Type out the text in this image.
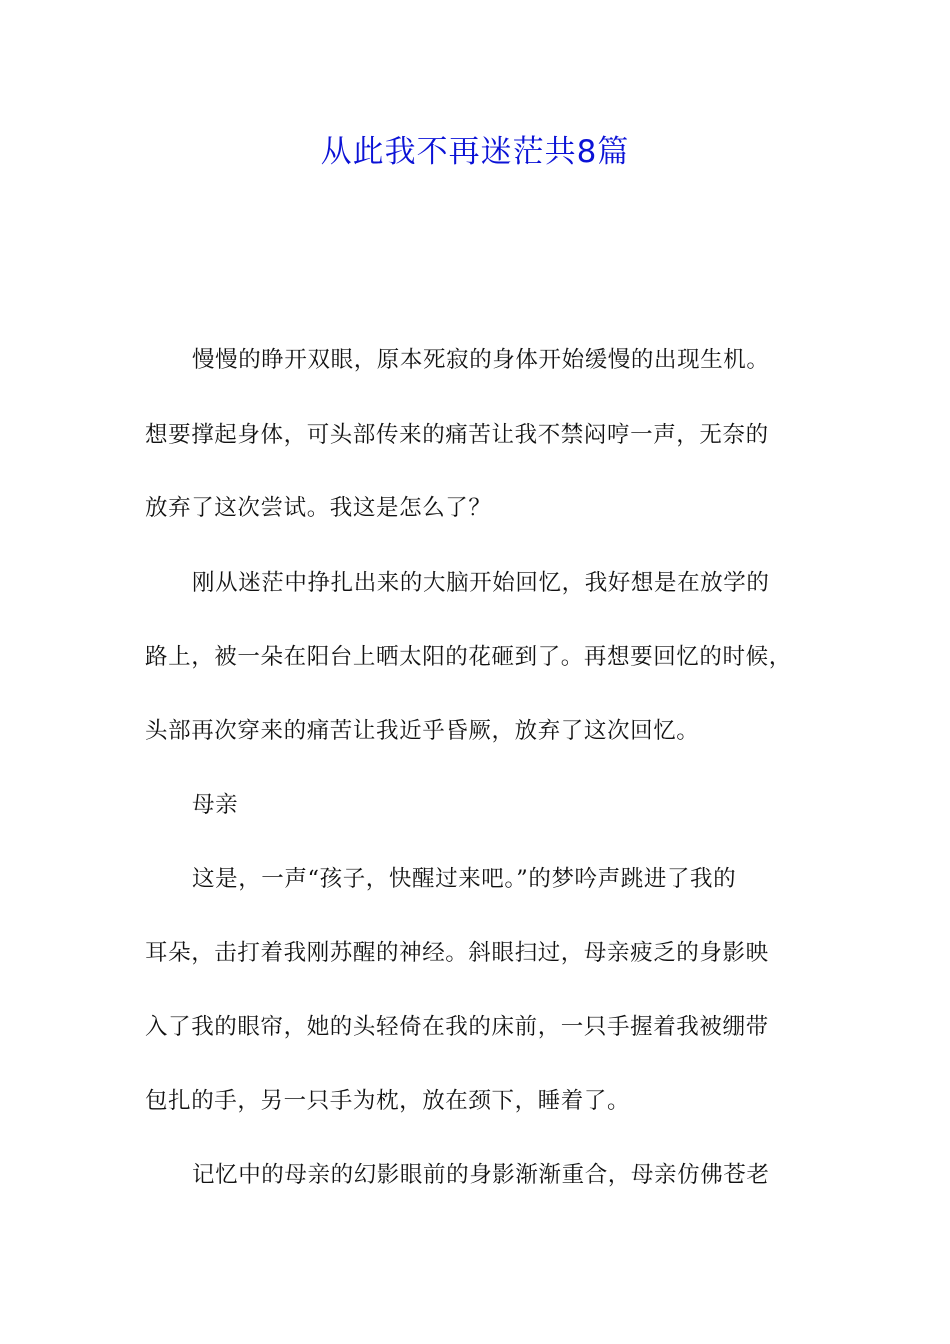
从此我不再迷茫共8篇

慢慢的睁开双眼，原本死寂的身体开始缓慢的出现生机。

想要撑起身体，可头部传来的痛苦让我不禁闷哼一声，无奈的

放弃了这次尝试。我这是怎么了？

刚从迷茫中挣扎出来的大脑开始回忆，我好想是在放学的

路上，被一朵在阳台上晒太阳的花砸到了。再想要回忆的时候，

头部再次穿来的痛苦让我近乎昏厥，放弃了这次回忆。

母亲

这是，一声“孩子，快醒过来吧。”的梦吟声跳进了我的

耳朵，击打着我刚苏醒的神经。斜眼扫过，母亲疲乏的身影映

入了我的眼帘，她的头轻倚在我的床前，一只手握着我被绷带

包扎的手，另一只手为枕，放在颈下，睡着了。

记忆中的母亲的幻影眼前的身影渐渐重合，母亲仿佛苍老
